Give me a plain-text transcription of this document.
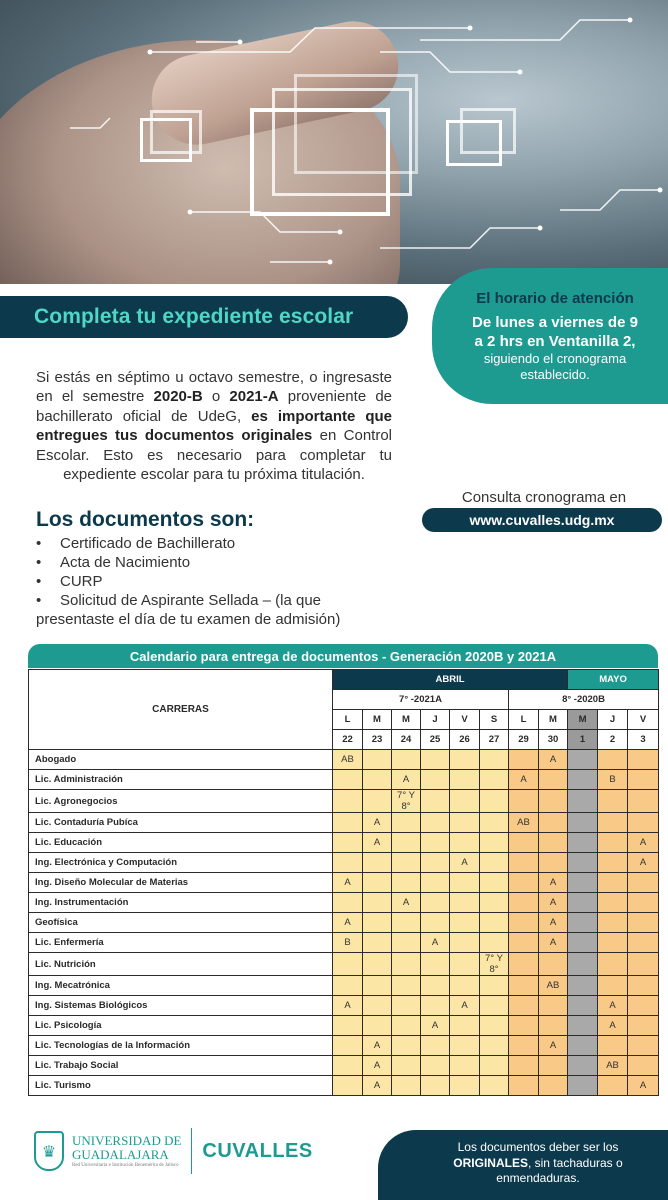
Completa tu expediente escolar
El horario de atención
De lunes a viernes de 9
a 2 hrs en Ventanilla 2,
siguiendo el cronograma
establecido.

Si estás en séptimo u octavo semestre, o ingresaste en el semestre 2020-B o 2021-A proveniente de bachillerato oficial de UdeG, es importante que entregues tus documentos originales en Control Escolar. Esto es necesario para completar tu expediente escolar para tu próxima titulación.

Consulta cronograma en
www.cuvalles.udg.mx
Los documentos son:
• Certificado de Bachillerato
• Acta de Nacimiento
• CURP
• Solicitud de Aspirante Sellada – (la que
presentaste el día de tu examen de admisión)
Calendario para entrega de documentos - Generación 2020B y 2021A
CARRERAS	ABRIL								MAYO		
	7° -2021A						8° -2020B				
	L	M	M	J	V	S	L	M	M	J	V
	22	23	24	25	26	27	29	30	1	2	3
Abogado	AB							A			
Lic. Administración			A				A			B	
Lic. Agronegocios			7° Y 8°								
Lic. Contaduría Pubíca		A					AB				
Lic. Educación		A									A
Ing. Electrónica y Computación					A						A
Ing. Diseño Molecular de Materias	A							A			
Ing. Instrumentación			A					A			
Geofísica	A							A			
Lic. Enfermería	B			A				A			
Lic. Nutrición						7° Y 8°					
Ing. Mecatrónica								AB			
Ing. Sistemas Biológicos	A				A					A	
Lic. Psicología				A						A	
Lic. Tecnologías de la Información		A						A			
Lic. Trabajo Social		A								AB	
Lic. Turismo		A									A
♛
UNIVERSIDAD DE
GUADALAJARA
Red Universitaria e Institución Benemérita de Jalisco
CUVALLES	Los documentos deber ser los
ORIGINALES, sin tachaduras o
enmendaduras.
